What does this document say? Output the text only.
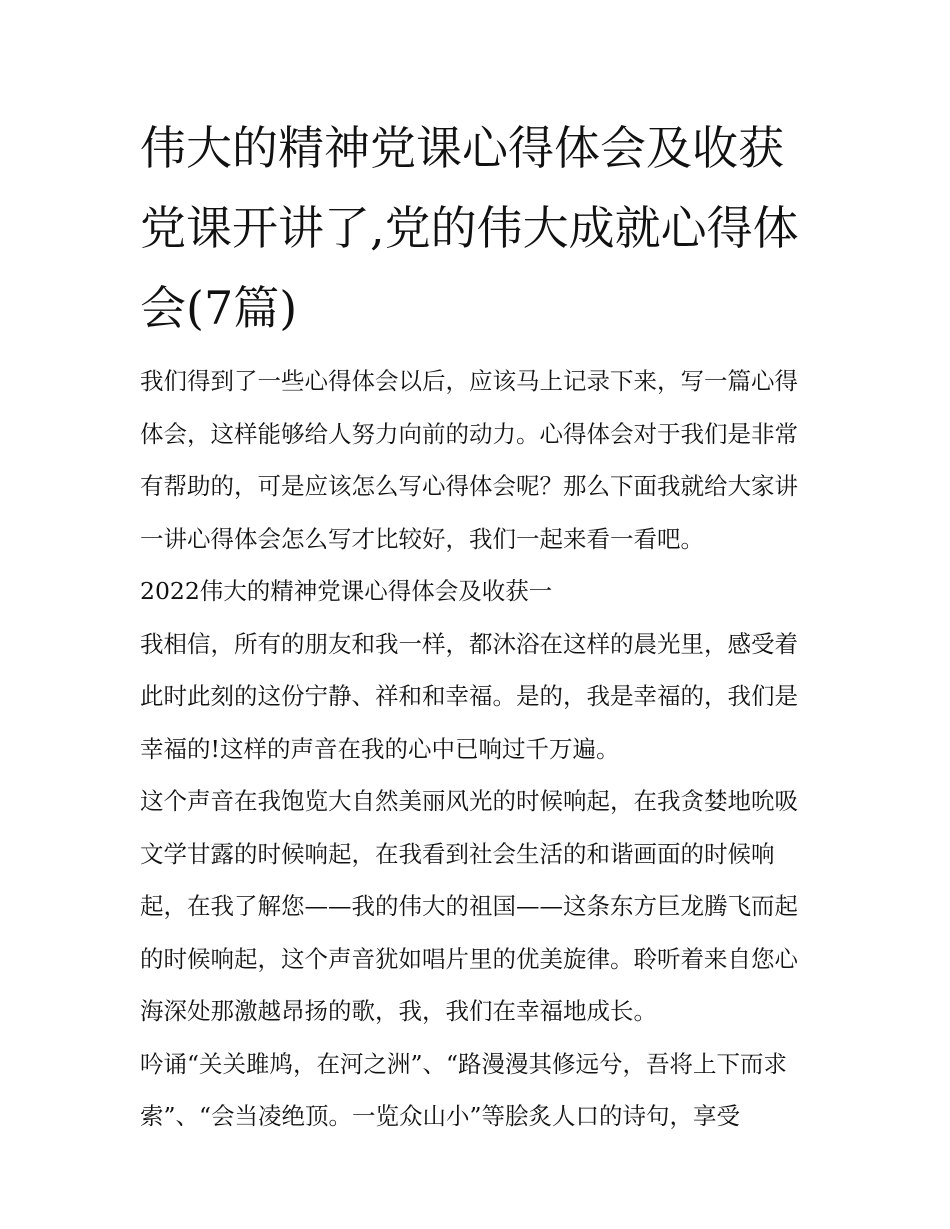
伟大的精神党课心得体会及收获 党课开讲了,党的伟大成就心得体会(7篇)

我们得到了一些心得体会以后，应该马上记录下来，写一篇心得体会，这样能够给人努力向前的动力。心得体会对于我们是非常有帮助的，可是应该怎么写心得体会呢？那么下面我就给大家讲一讲心得体会怎么写才比较好，我们一起来看一看吧。

2022伟大的精神党课心得体会及收获一

我相信，所有的朋友和我一样，都沐浴在这样的晨光里，感受着此时此刻的这份宁静、祥和和幸福。是的，我是幸福的，我们是幸福的!这样的声音在我的心中已响过千万遍。

这个声音在我饱览大自然美丽风光的时候响起，在我贪婪地吮吸文学甘露的时候响起，在我看到社会生活的和谐画面的时候响起，在我了解您——我的伟大的祖国——这条东方巨龙腾飞而起的时候响起，这个声音犹如唱片里的优美旋律。聆听着来自您心海深处那激越昂扬的歌，我，我们在幸福地成长。

吟诵“关关雎鸠，在河之洲”、“路漫漫其修远兮，吾将上下而求索”、“会当凌绝顶。一览众山小”等脍炙人口的诗句，享受
